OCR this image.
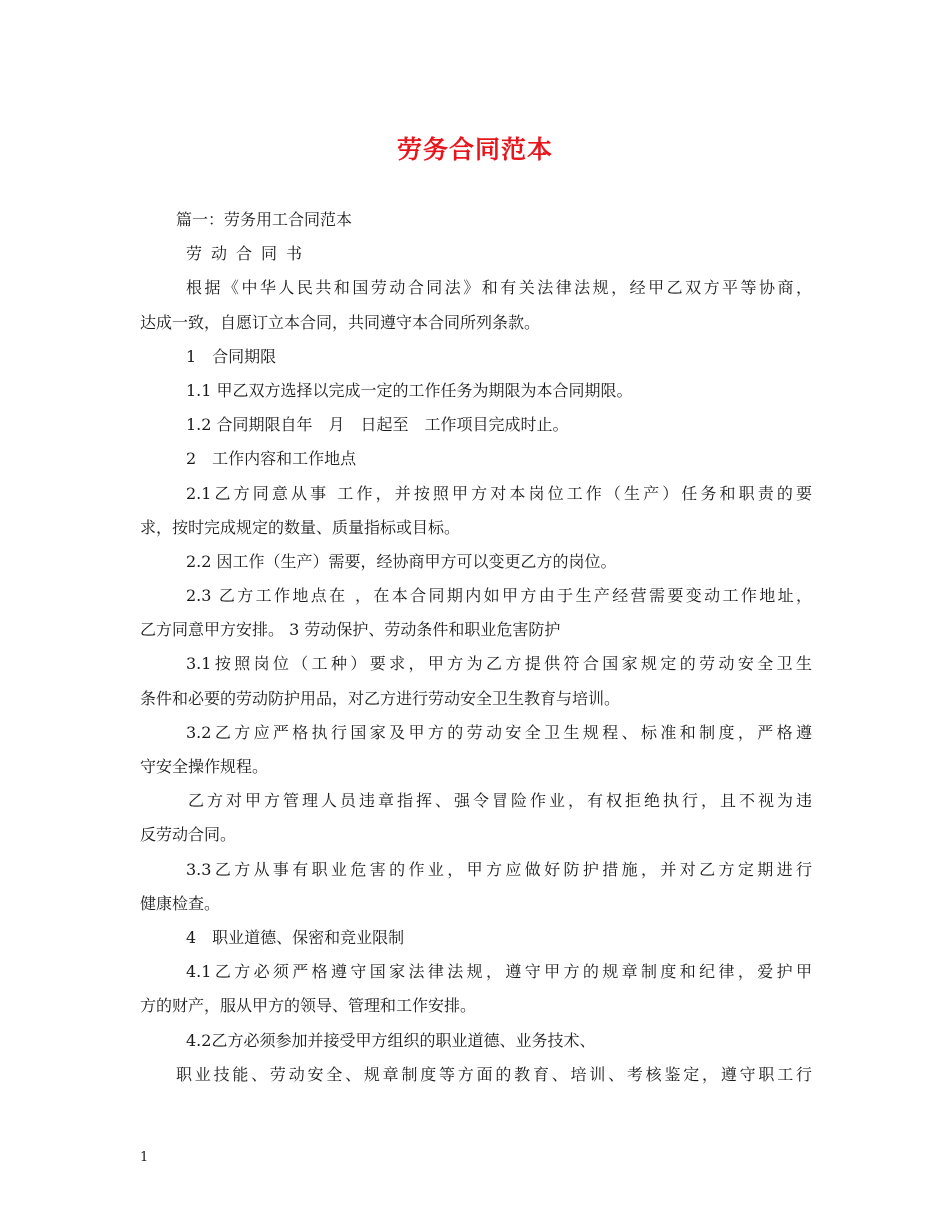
劳务合同范本
篇一：劳务用工合同范本
劳动合同书
根据《中华人民共和国劳动合同法》和有关法律法规，经甲乙双方平等协商，
达成一致，自愿订立本合同，共同遵守本合同所列条款。
1　合同期限
1.1 甲乙双方选择以完成一定的工作任务为期限为本合同期限。
1.2 合同期限自年　月　日起至　工作项目完成时止。
2　工作内容和工作地点
2.1乙方同意从事 工作，并按照甲方对本岗位工作（生产）任务和职责的要
求，按时完成规定的数量、质量指标或目标。
2.2 因工作（生产）需要，经协商甲方可以变更乙方的岗位。
2.3 乙方工作地点在 ，在本合同期内如甲方由于生产经营需要变动工作地址，
乙方同意甲方安排。 3 劳动保护、劳动条件和职业危害防护
3.1按照岗位（工种）要求，甲方为乙方提供符合国家规定的劳动安全卫生
条件和必要的劳动防护用品，对乙方进行劳动安全卫生教育与培训。
3.2乙方应严格执行国家及甲方的劳动安全卫生规程、标准和制度，严格遵
守安全操作规程。
乙方对甲方管理人员违章指挥、强令冒险作业，有权拒绝执行，且不视为违
反劳动合同。
3.3乙方从事有职业危害的作业，甲方应做好防护措施，并对乙方定期进行
健康检查。
4　职业道德、保密和竞业限制
4.1乙方必须严格遵守国家法律法规，遵守甲方的规章制度和纪律，爱护甲
方的财产，服从甲方的领导、管理和工作安排。
4.2乙方必须参加并接受甲方组织的职业道德、业务技术、
职业技能、劳动安全、规章制度等方面的教育、培训、考核鉴定，遵守职工行
1
